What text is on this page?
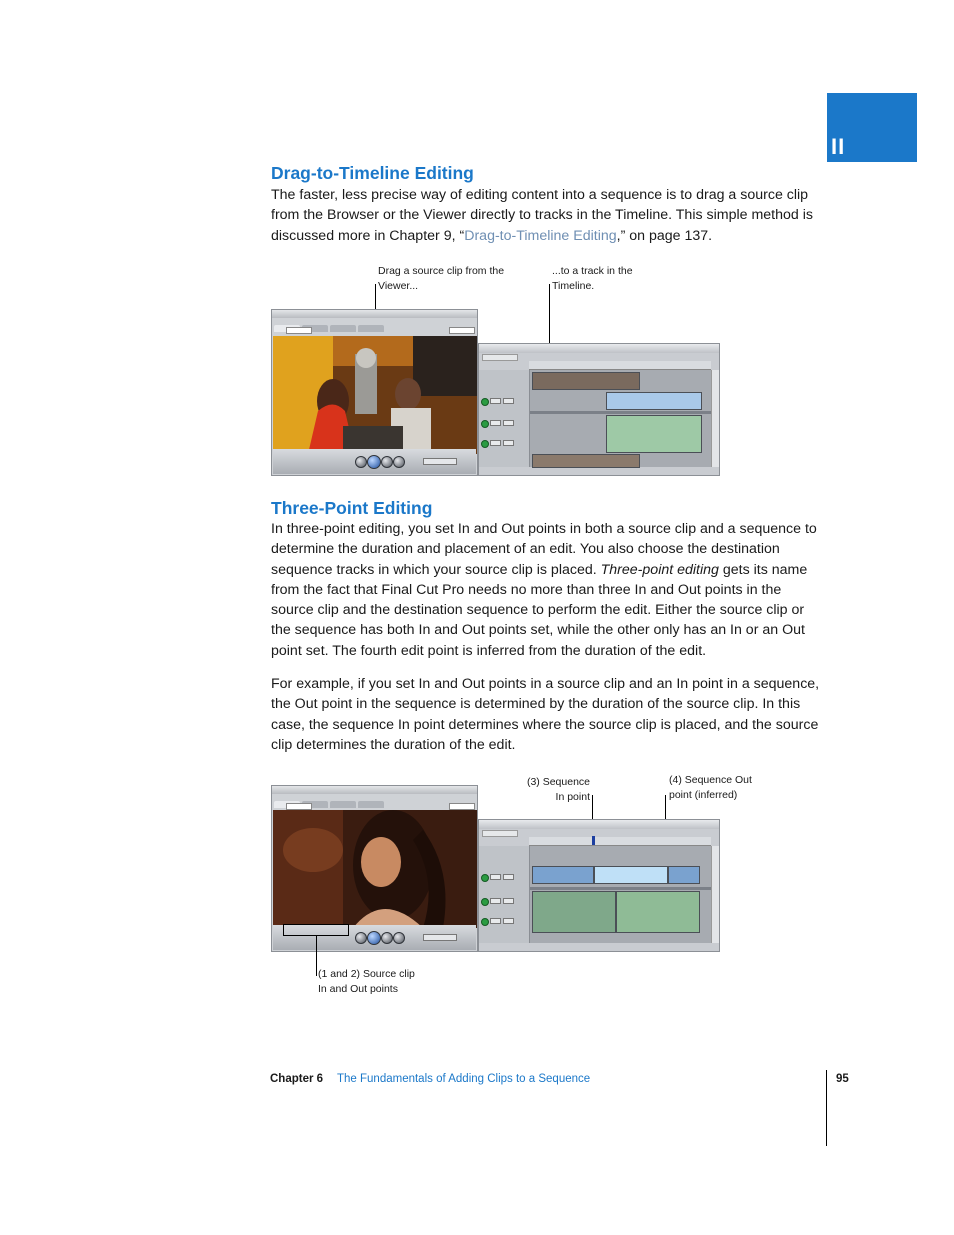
II
Drag-to-Timeline Editing

The faster, less precise way of editing content into a sequence is to drag a source clip from the Browser or the Viewer directly to tracks in the Timeline. This simple method is discussed more in Chapter 9, “Drag-to-Timeline Editing,” on page 137.

Drag a source clip from the Viewer...
...to a track in the Timeline.
Three-Point Editing

In three-point editing, you set In and Out points in both a source clip and a sequence to determine the duration and placement of an edit. You also choose the destination sequence tracks in which your source clip is placed. Three-point editing gets its name from the fact that Final Cut Pro needs no more than three In and Out points in the source clip and the destination sequence to perform the edit. Either the source clip or the sequence has both In and Out points set, while the other only has an In or an Out point set. The fourth edit point is inferred from the duration of the edit.

For example, if you set In and Out points in a source clip and an In point in a sequence, the Out point in the sequence is determined by the duration of the source clip. In this case, the sequence In point determines where the source clip is placed, and the source clip determines the duration of the edit.

(3) Sequence
In point
(4) Sequence Out
point (inferred)
(1 and 2) Source clip
In and Out points
Chapter 6 The Fundamentals of Adding Clips to a Sequence	95
